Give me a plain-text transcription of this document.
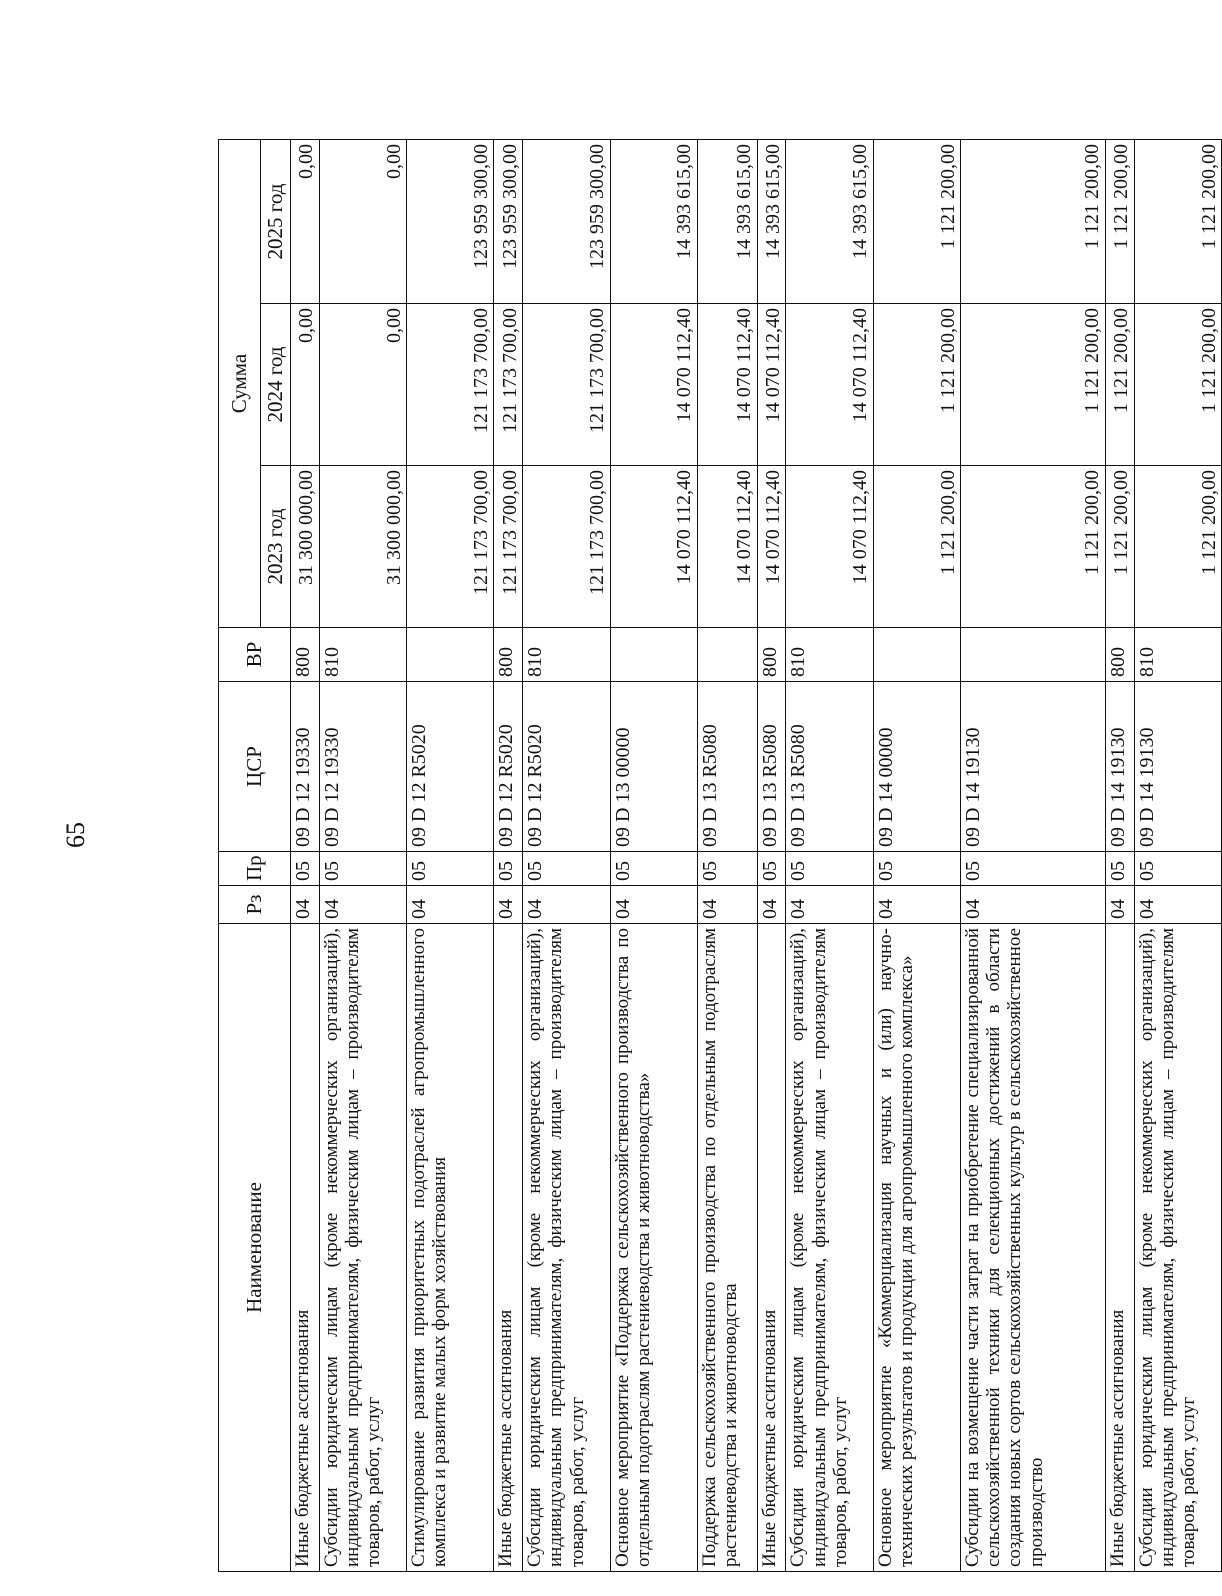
65
Наименование	Рз	Пр	ЦСР	ВР	Сумма		
					2023 год	2024 год	2025 год
Иные бюджетные ассигнования	04	05	09 D 12 19330	800	31 300 000,00	0,00	0,00
Субсидии юридическим лицам (кроме некоммерческих организаций), индивидуальным предпринимателям, физическим лицам – производителям товаров, работ, услуг	04	05	09 D 12 19330	810	31 300 000,00	0,00	0,00
Стимулирование развития приоритетных подотраслей агропромышленного комплекса и развитие малых форм хозяйствования	04	05	09 D 12 R5020		121 173 700,00	121 173 700,00	123 959 300,00
Иные бюджетные ассигнования	04	05	09 D 12 R5020	800	121 173 700,00	121 173 700,00	123 959 300,00
Субсидии юридическим лицам (кроме некоммерческих организаций), индивидуальным предпринимателям, физическим лицам – производителям товаров, работ, услуг	04	05	09 D 12 R5020	810	121 173 700,00	121 173 700,00	123 959 300,00
Основное мероприятие «Поддержка сельскохозяйственного производства по отдельным подотраслям растениеводства и животноводства»	04	05	09 D 13 00000		14 070 112,40	14 070 112,40	14 393 615,00
Поддержка сельскохозяйственного производства по отдельным подотраслям растениеводства и животноводства	04	05	09 D 13 R5080		14 070 112,40	14 070 112,40	14 393 615,00
Иные бюджетные ассигнования	04	05	09 D 13 R5080	800	14 070 112,40	14 070 112,40	14 393 615,00
Субсидии юридическим лицам (кроме некоммерческих организаций), индивидуальным предпринимателям, физическим лицам – производителям товаров, работ, услуг	04	05	09 D 13 R5080	810	14 070 112,40	14 070 112,40	14 393 615,00
Основное мероприятие «Коммерциализация научных и (или) научно-технических результатов и продукции для агропромышленного комплекса»	04	05	09 D 14 00000		1 121 200,00	1 121 200,00	1 121 200,00
Субсидии на возмещение части затрат на приобретение специализированной сельскохозяйственной техники для селекционных достижений в области создания новых сортов сельскохозяйственных культур в сельскохозяйственное производство	04	05	09 D 14 19130		1 121 200,00	1 121 200,00	1 121 200,00
Иные бюджетные ассигнования	04	05	09 D 14 19130	800	1 121 200,00	1 121 200,00	1 121 200,00
Субсидии юридическим лицам (кроме некоммерческих организаций), индивидуальным предпринимателям, физическим лицам – производителям товаров, работ, услуг	04	05	09 D 14 19130	810	1 121 200,00	1 121 200,00	1 121 200,00
